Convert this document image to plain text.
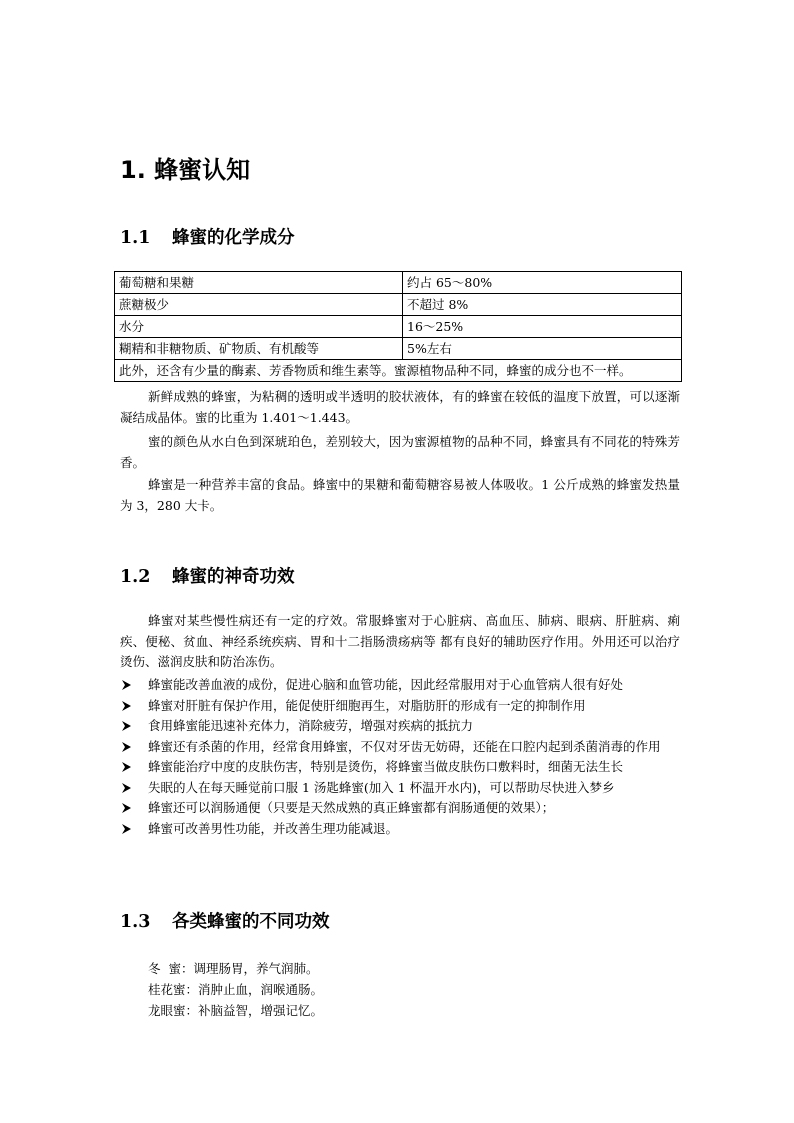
1. 蜂蜜认知
1.1 蜂蜜的化学成分
葡萄糖和果糖	约占 65～80%
蔗糖极少	不超过 8%
水分	16～25%
糊精和非糖物质、矿物质、有机酸等	5%左右
此外，还含有少量的酶素、芳香物质和维生素等。蜜源植物品种不同，蜂蜜的成分也不一样。	

新鲜成熟的蜂蜜，为粘稠的透明或半透明的胶状液体，有的蜂蜜在较低的温度下放置，可以逐渐凝结成晶体。蜜的比重为 1.401～1.443。

蜜的颜色从水白色到深琥珀色，差别较大，因为蜜源植物的品种不同，蜂蜜具有不同花的特殊芳香。

蜂蜜是一种营养丰富的食品。蜂蜜中的果糖和葡萄糖容易被人体吸收。1 公斤成熟的蜂蜜发热量为 3，280 大卡。

1.2 蜂蜜的神奇功效

蜂蜜对某些慢性病还有一定的疗效。常服蜂蜜对于心脏病、高血压、肺病、眼病、肝脏病、痢疾、便秘、贫血、神经系统疾病、胃和十二指肠溃疡病等 都有良好的辅助医疗作用。外用还可以治疗烫伤、滋润皮肤和防治冻伤。

蜂蜜能改善血液的成份，促进心脑和血管功能，因此经常服用对于心血管病人很有好处
蜂蜜对肝脏有保护作用，能促使肝细胞再生，对脂肪肝的形成有一定的抑制作用
食用蜂蜜能迅速补充体力，消除疲劳，增强对疾病的抵抗力
蜂蜜还有杀菌的作用，经常食用蜂蜜，不仅对牙齿无妨碍，还能在口腔内起到杀菌消毒的作用
蜂蜜能治疗中度的皮肤伤害，特别是烫伤，将蜂蜜当做皮肤伤口敷料时，细菌无法生长
失眠的人在每天睡觉前口服 1 汤匙蜂蜜(加入 1 杯温开水内)，可以帮助尽快进入梦乡
蜂蜜还可以润肠通便（只要是天然成熟的真正蜂蜜都有润肠通便的效果）；
蜂蜜可改善男性功能，并改善生理功能减退。
1.3 各类蜂蜜的不同功效
冬  蜜：调理肠胃，养气润肺。
桂花蜜：消肿止血，润喉通肠。
龙眼蜜：补脑益智，增强记忆。
